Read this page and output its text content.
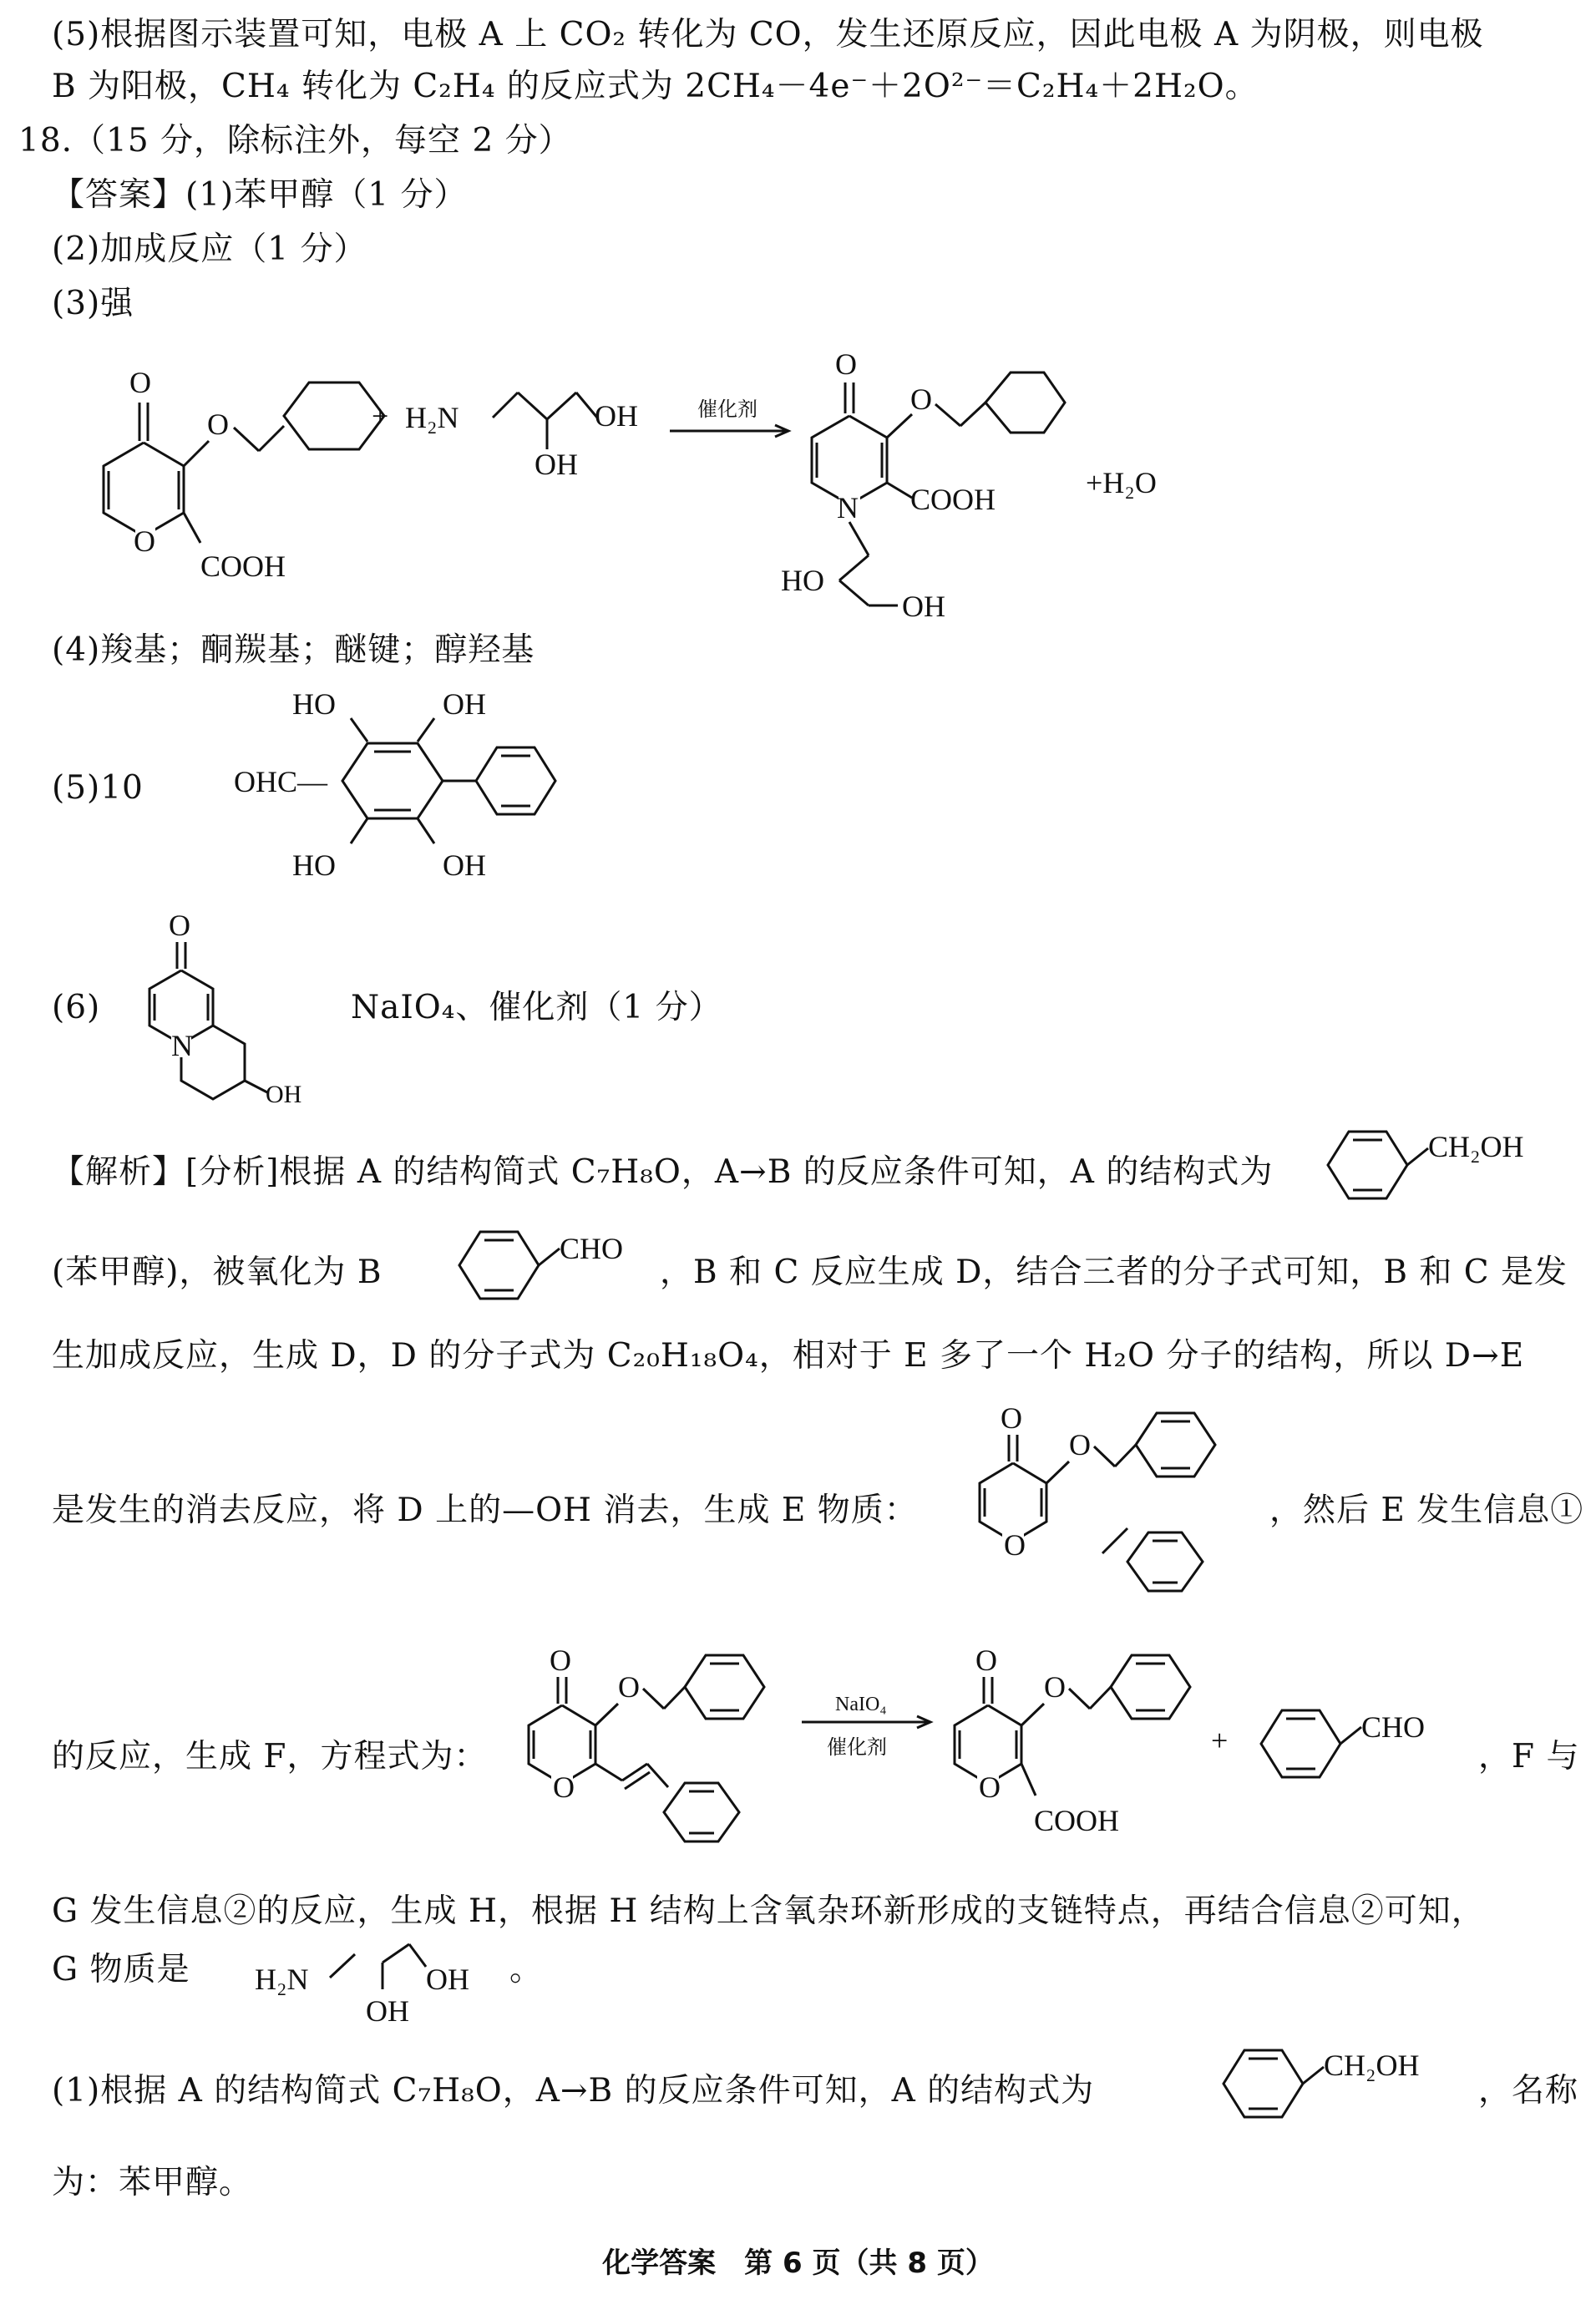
(5)根据图示装置可知，电极 A 上 CO₂ 转化为 CO，发生还原反应，因此电极 A 为阴极，则电极
B 为阳极，CH₄ 转化为 C₂H₄ 的反应式为 2CH₄－4e⁻＋2O²⁻＝C₂H₄＋2H₂O。
18.（15 分，除标注外，每空 2 分）
【答案】(1)苯甲醇（1 分）
(2)加成反应（1 分）
(3)强
O
O
O
COOH
+ H₂N
OH
OH	催化剂
O
N
O
COOH
HO
OH
+H₂O
(4)羧基；酮羰基；醚键；醇羟基
(5)10
HO	OH
OHC—
HO	OH
(6)
O
N
OH
NaIO₄、催化剂（1 分）
【解析】[分析]根据 A 的结构简式 C₇H₈O，A→B 的反应条件可知，A 的结构式为
CH₂OH
(苯甲醇)，被氧化为 B
CHO
，B 和 C 反应生成 D，结合三者的分子式可知，B 和 C 是发
生加成反应，生成 D，D 的分子式为 C₂₀H₁₈O₄，相对于 E 多了一个 H₂O 分子的结构，所以 D→E
是发生的消去反应，将 D 上的—OH 消去，生成 E 物质：
O
O
O
，然后 E 发生信息①
的反应，生成 F，方程式为：
O
O
O
NaIO₄
催化剂
O
O
O
COOH
+	CHO
，F 与
G 发生信息②的反应，生成 H，根据 H 结构上含氧杂环新形成的支链特点，再结合信息②可知，
G 物质是 H₂N	OH
OH
。
(1)根据 A 的结构简式 C₇H₈O，A→B 的反应条件可知，A 的结构式为
CH₂OH
，名称
为：苯甲醇。
化学答案　第 6 页（共 8 页）
